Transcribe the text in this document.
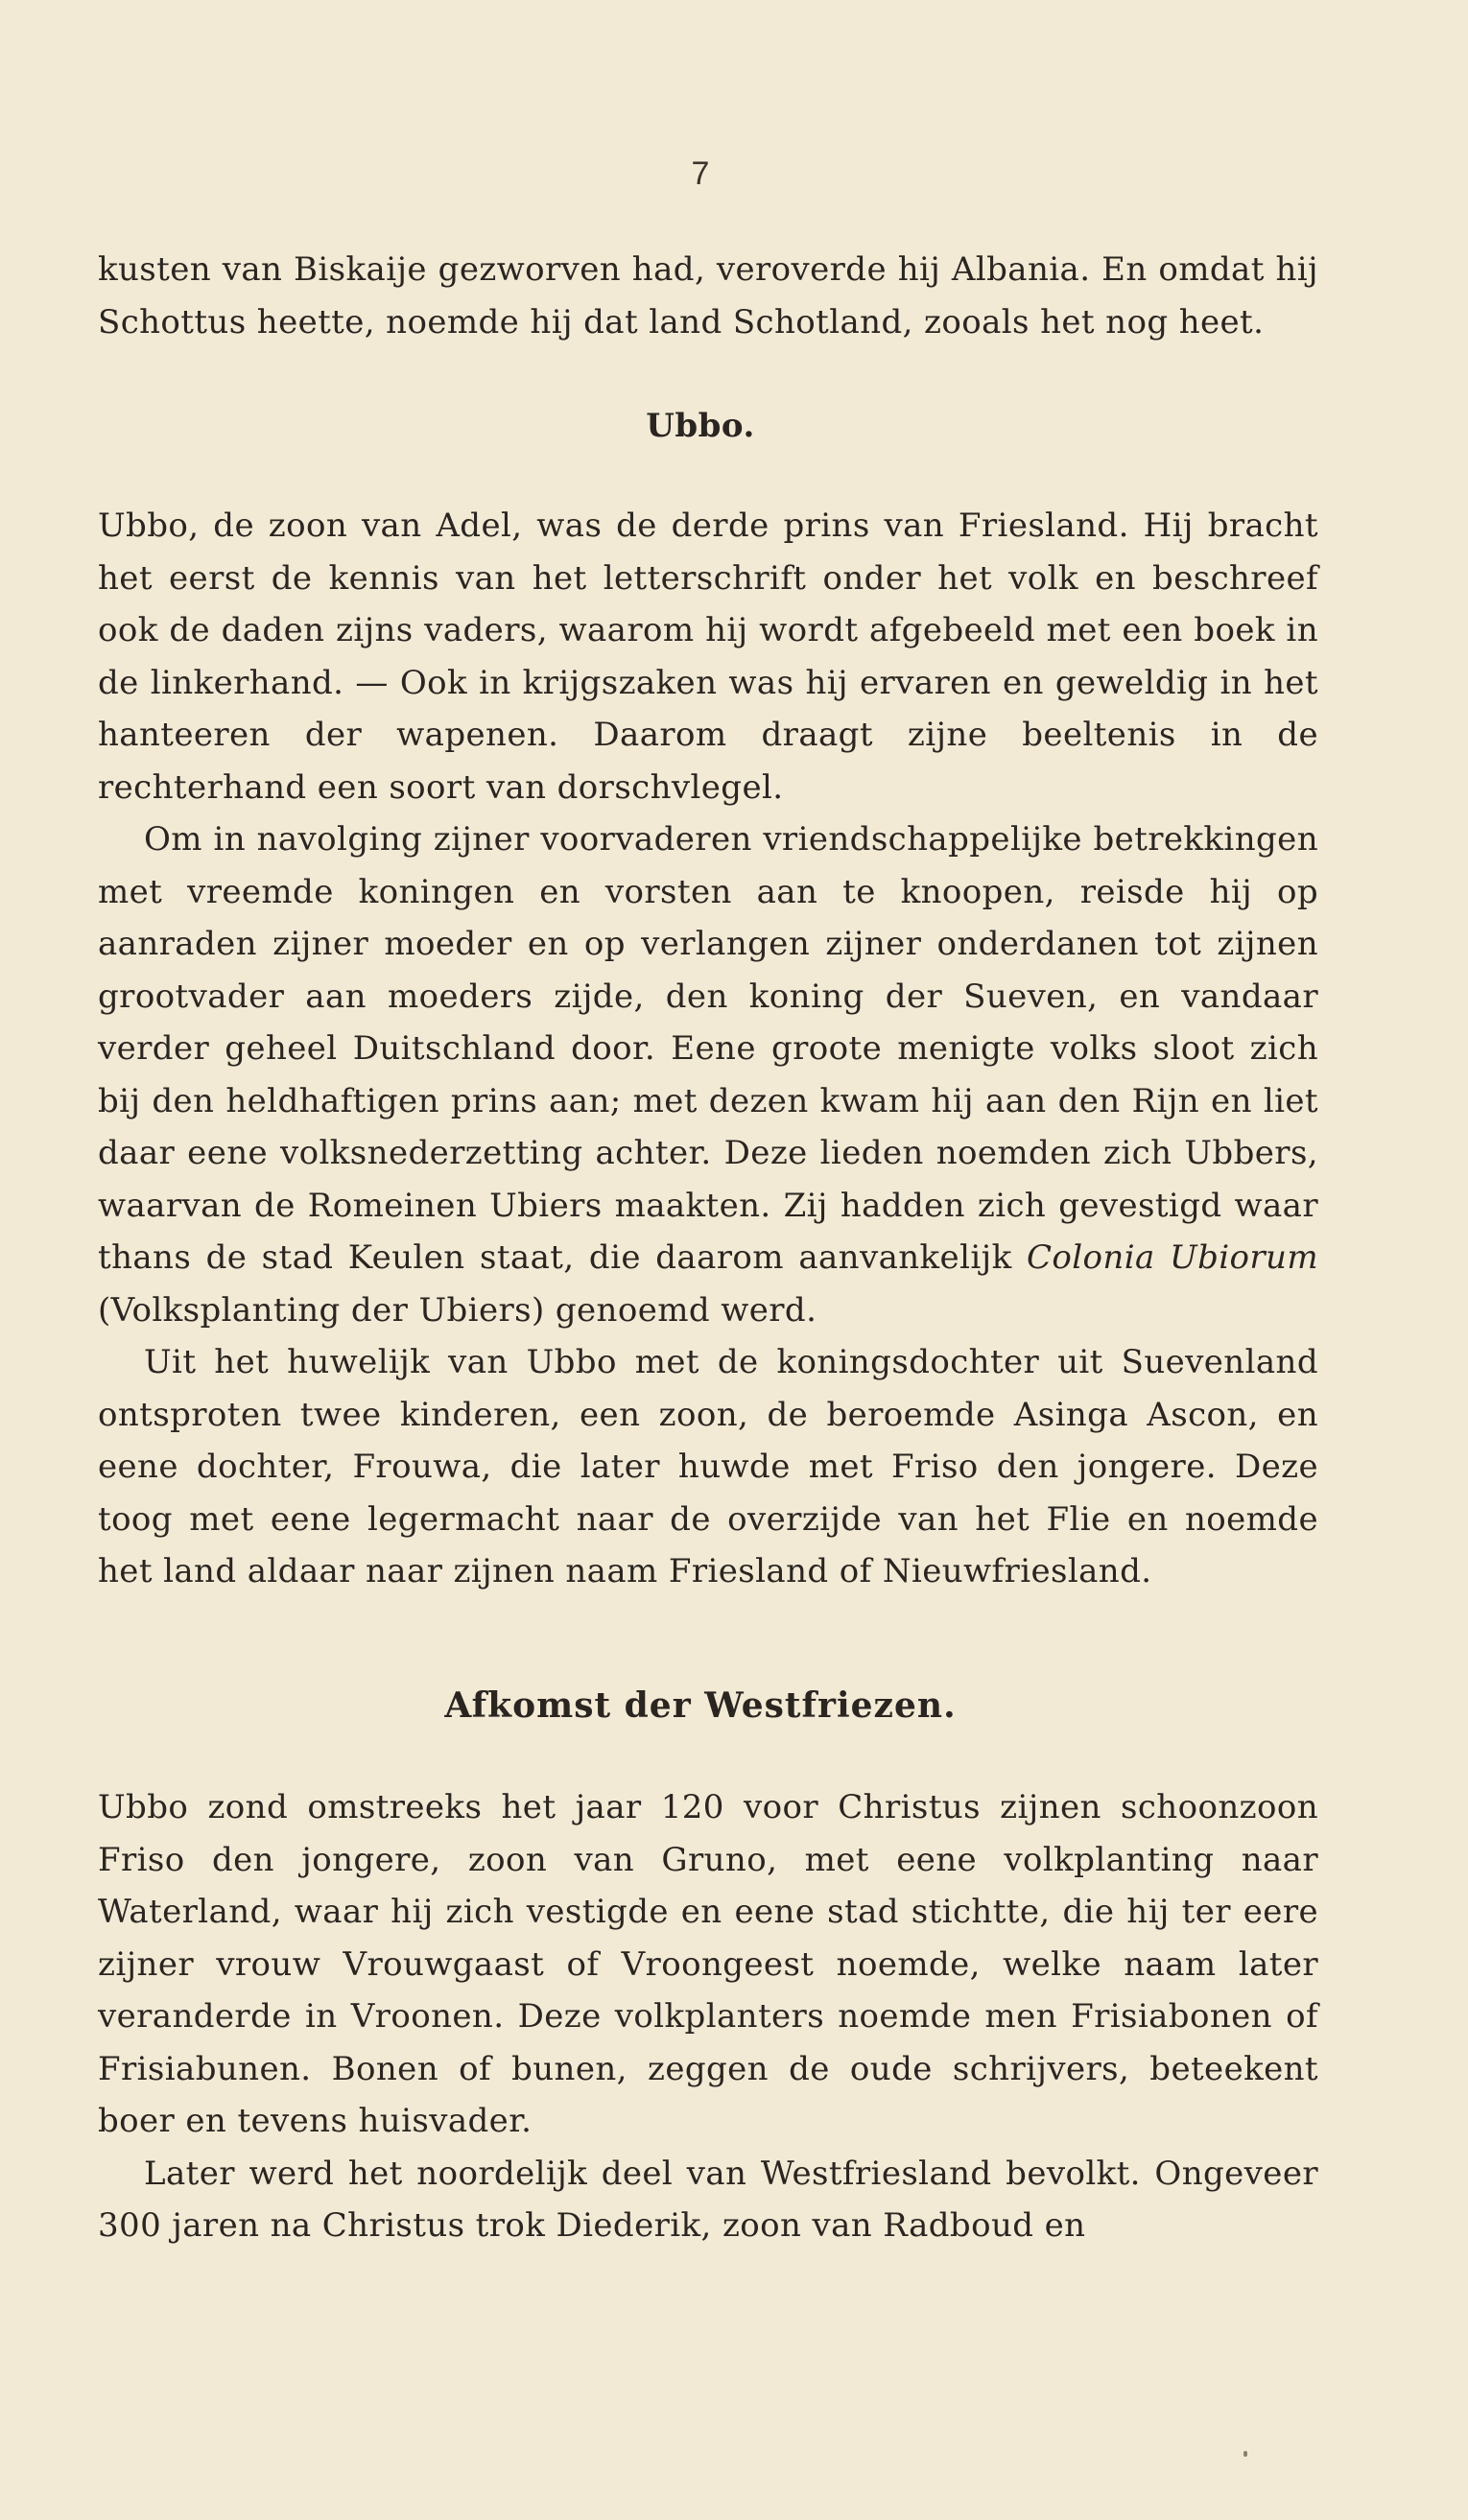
7

kusten van Biskaije gezworven had, veroverde hij Albania. En omdat hij Schottus heette, noemde hij dat land Schotland, zooals het nog heet.

Ubbo.

Ubbo, de zoon van Adel, was de derde prins van Friesland. Hij bracht het eerst de kennis van het letterschrift onder het volk en beschreef ook de daden zijns vaders, waarom hij wordt afgebeeld met een boek in de linkerhand. — Ook in krijgszaken was hij ervaren en geweldig in het hanteeren der wapenen. Daarom draagt zijne beeltenis in de rechterhand een soort van dorschvlegel.

Om in navolging zijner voorvaderen vriendschappelijke betrekkingen met vreemde koningen en vorsten aan te knoopen, reisde hij op aanraden zijner moeder en op verlangen zijner onderdanen tot zijnen grootvader aan moeders zijde, den koning der Sueven, en vandaar verder geheel Duitschland door. Eene groote menigte volks sloot zich bij den heldhaftigen prins aan; met dezen kwam hij aan den Rijn en liet daar eene volksnederzetting achter. Deze lieden noemden zich Ubbers, waarvan de Romeinen Ubiers maakten. Zij hadden zich gevestigd waar thans de stad Keulen staat, die daarom aanvankelijk Colonia Ubiorum (Volksplanting der Ubiers) genoemd werd.

Uit het huwelijk van Ubbo met de koningsdochter uit Suevenland ontsproten twee kinderen, een zoon, de beroemde Asinga Ascon, en eene dochter, Frouwa, die later huwde met Friso den jongere. Deze toog met eene legermacht naar de overzijde van het Flie en noemde het land aldaar naar zijnen naam Friesland of Nieuwfriesland.

Afkomst der Westfriezen.

Ubbo zond omstreeks het jaar 120 voor Christus zijnen schoonzoon Friso den jongere, zoon van Gruno, met eene volkplanting naar Waterland, waar hij zich vestigde en eene stad stichtte, die hij ter eere zijner vrouw Vrouwgaast of Vroongeest noemde, welke naam later veranderde in Vroonen. Deze volkplanters noemde men Frisiabonen of Frisiabunen. Bonen of bunen, zeggen de oude schrijvers, beteekent boer en tevens huisvader.

Later werd het noordelijk deel van Westfriesland bevolkt. Ongeveer 300 jaren na Christus trok Diederik, zoon van Radboud en
